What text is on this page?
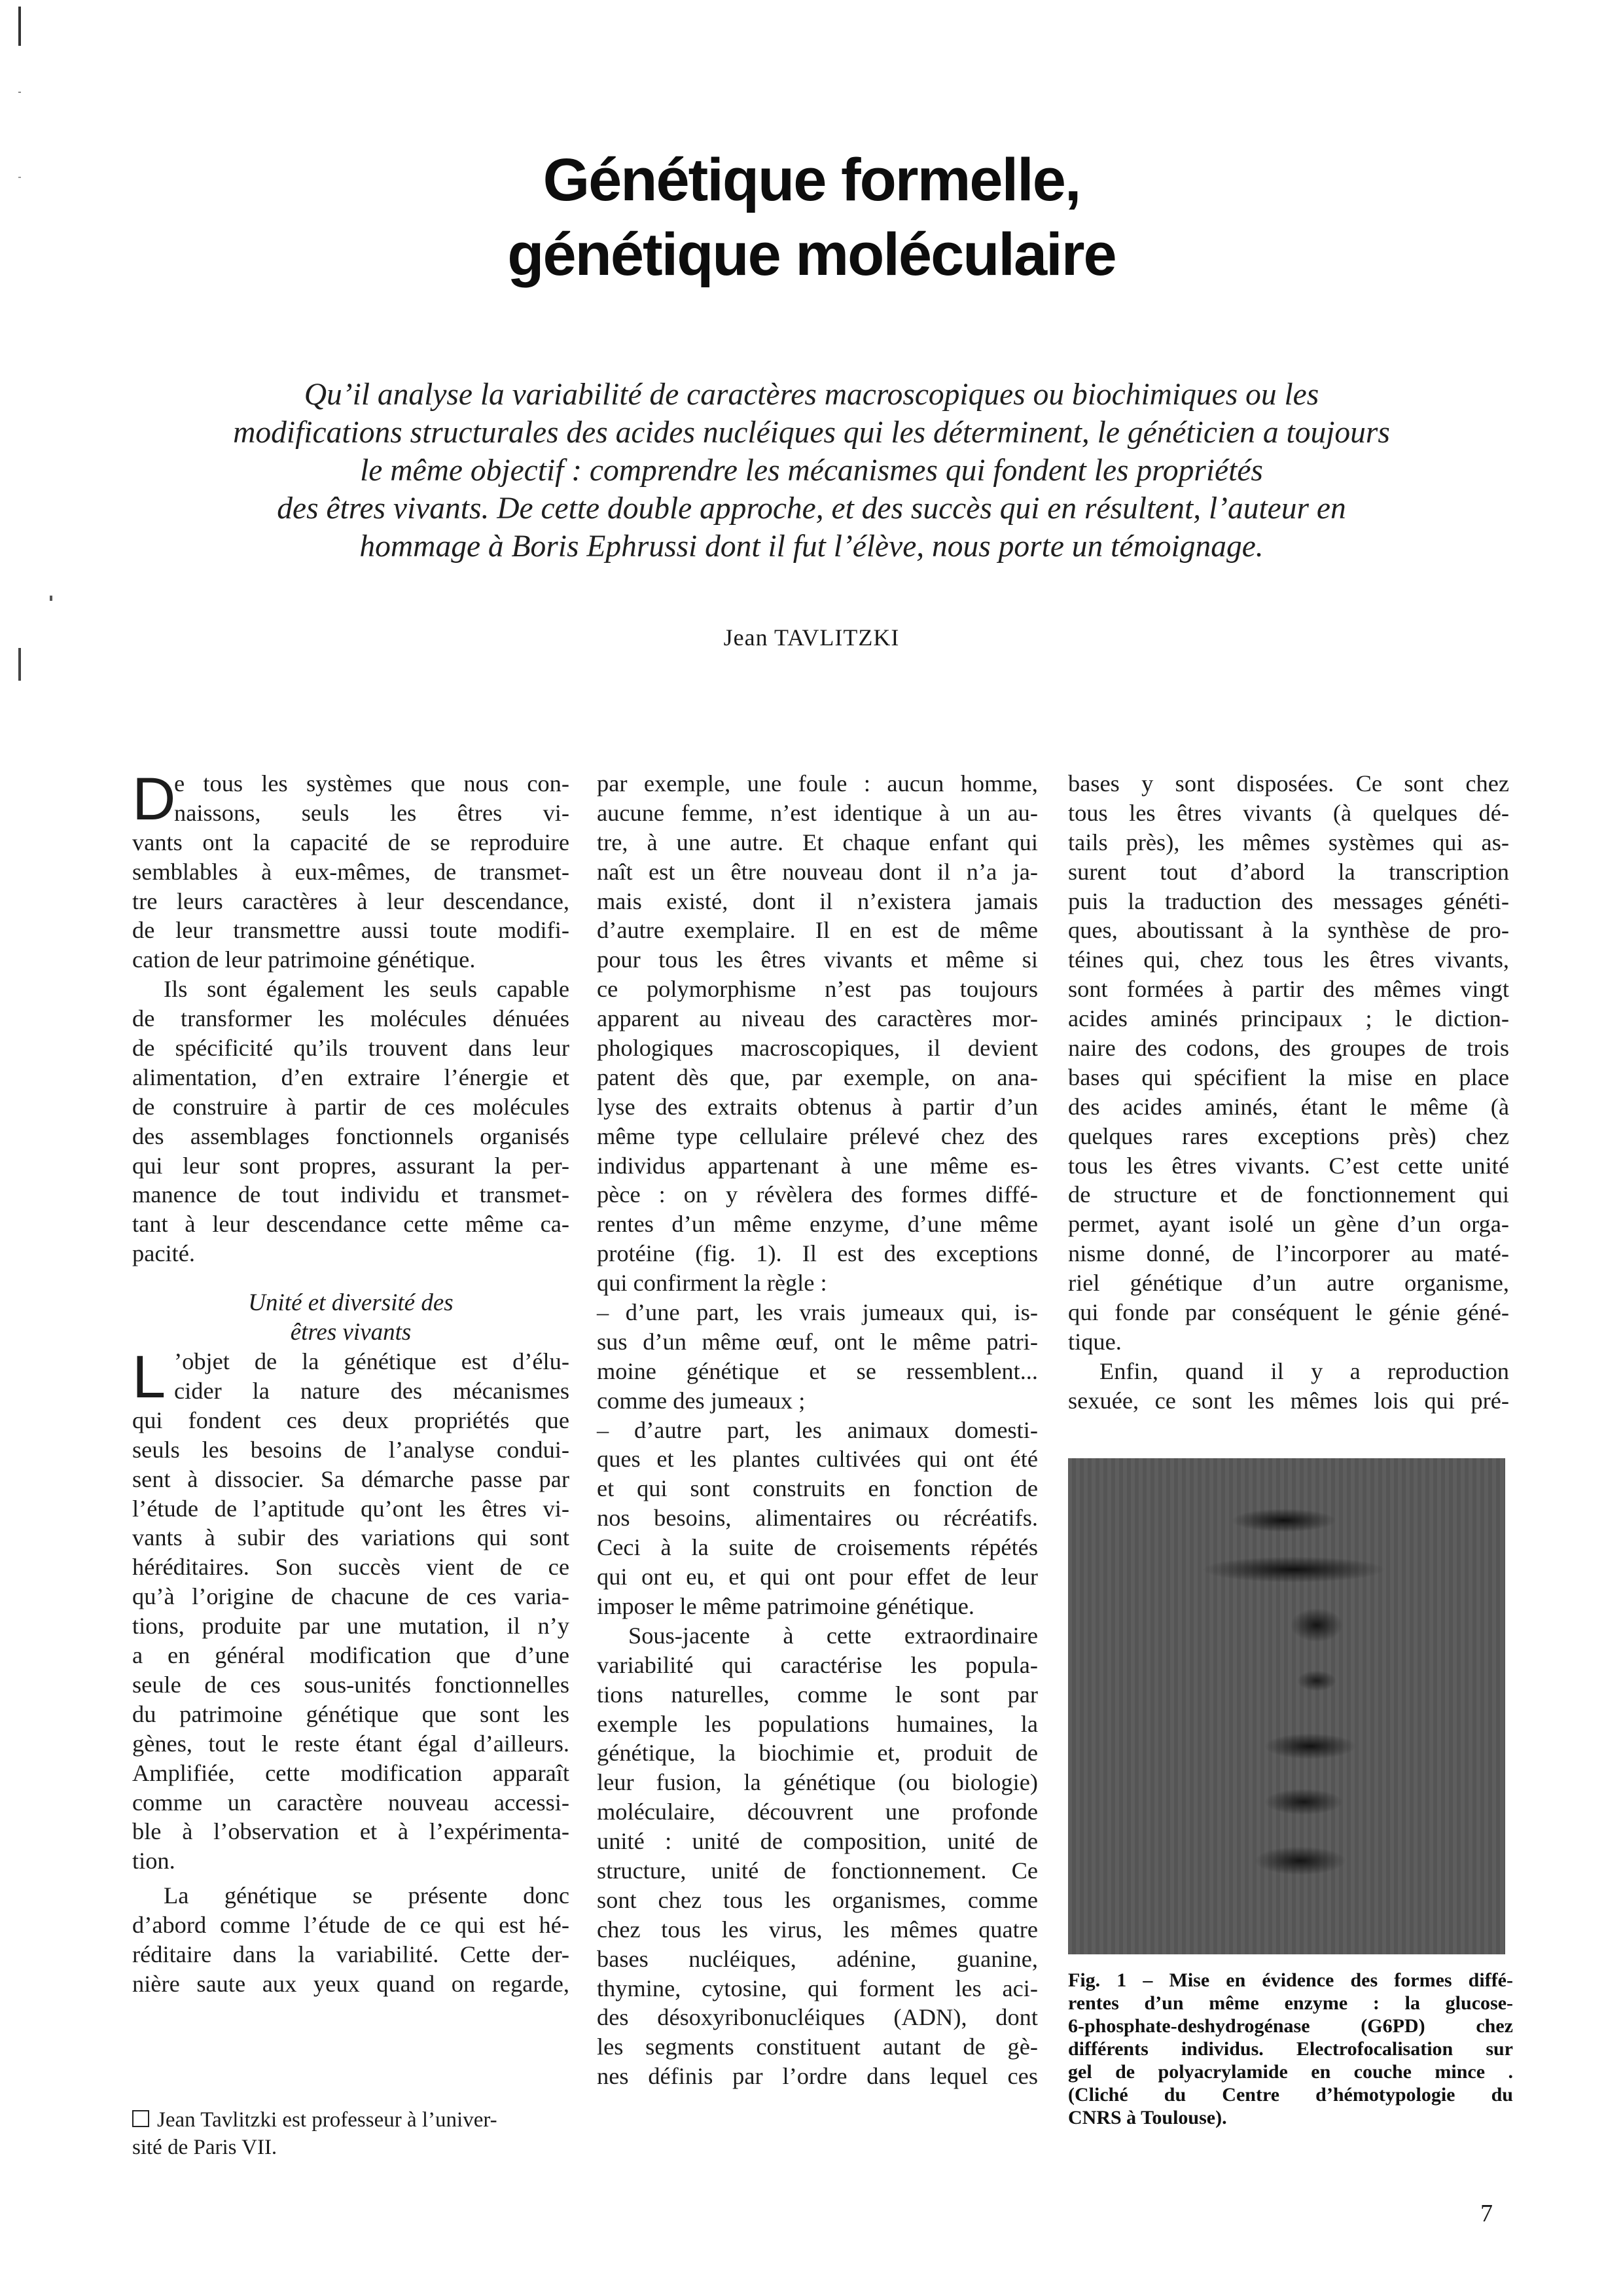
Génétique formelle,
génétique moléculaire
Qu’il analyse la variabilité de caractères macroscopiques ou biochimiques ou les
modifications structurales des acides nucléiques qui les déterminent, le généticien a toujours
le même objectif : comprendre les mécanismes qui fondent les propriétés
des êtres vivants. De cette double approche, et des succès qui en résultent, l’auteur en
hommage à Boris Ephrussi dont il fut l’élève, nous porte un témoignage.

Jean TAVLITZKI

D
e tous les systèmes que nous con-
naissons, seuls les êtres vi-
vants ont la capacité de se reproduire
semblables à eux-mêmes, de transmet-
tre leurs caractères à leur descendance,
de leur transmettre aussi toute modifi-
cation de leur patrimoine génétique.
Ils sont également les seuls capable
de transformer les molécules dénuées
de spécificité qu’ils trouvent dans leur
alimentation, d’en extraire l’énergie et
de construire à partir de ces molécules
des assemblages fonctionnels organisés
qui leur sont propres, assurant la per-
manence de tout individu et transmet-
tant à leur descendance cette même ca-
pacité.
Unité et diversité des
êtres vivants
L ’objet de la génétique est d’élu-
cider la nature des mécanismes
qui fondent ces deux propriétés que
seuls les besoins de l’analyse condui-
sent à dissocier. Sa démarche passe par
l’étude de l’aptitude qu’ont les êtres vi-
vants à subir des variations qui sont
héréditaires. Son succès vient de ce
qu’à l’origine de chacune de ces varia-
tions, produite par une mutation, il n’y
a en général modification que d’une
seule de ces sous-unités fonctionnelles
du patrimoine génétique que sont les
gènes, tout le reste étant égal d’ailleurs.
Amplifiée, cette modification apparaît
comme un caractère nouveau accessi-
ble à l’observation et à l’expérimenta-
tion.
La génétique se présente donc
d’abord comme l’étude de ce qui est hé-
réditaire dans la variabilité. Cette der-
nière saute aux yeux quand on regarde,
Jean Tavlitzki est professeur à l’univer-
sité de Paris VII.
par exemple, une foule : aucun homme,
aucune femme, n’est identique à un au-
tre, à une autre. Et chaque enfant qui
naît est un être nouveau dont il n’a ja-
mais existé, dont il n’existera jamais
d’autre exemplaire. Il en est de même
pour tous les êtres vivants et même si
ce polymorphisme n’est pas toujours
apparent au niveau des caractères mor-
phologiques macroscopiques, il devient
patent dès que, par exemple, on ana-
lyse des extraits obtenus à partir d’un
même type cellulaire prélevé chez des
individus appartenant à une même es-
pèce : on y révèlera des formes diffé-
rentes d’un même enzyme, d’une même
protéine (fig. 1). Il est des exceptions
qui confirment la règle :
– d’une part, les vrais jumeaux qui, is-
sus d’un même œuf, ont le même patri-
moine génétique et se ressemblent...
comme des jumeaux ;
– d’autre part, les animaux domesti-
ques et les plantes cultivées qui ont été
et qui sont construits en fonction de
nos besoins, alimentaires ou récréatifs.
Ceci à la suite de croisements répétés
qui ont eu, et qui ont pour effet de leur
imposer le même patrimoine génétique.
Sous-jacente à cette extraordinaire
variabilité qui caractérise les popula-
tions naturelles, comme le sont par
exemple les populations humaines, la
génétique, la biochimie et, produit de
leur fusion, la génétique (ou biologie)
moléculaire, découvrent une profonde
unité : unité de composition, unité de
structure, unité de fonctionnement. Ce
sont chez tous les organismes, comme
chez tous les virus, les mêmes quatre
bases nucléiques, adénine, guanine,
thymine, cytosine, qui forment les aci-
des désoxyribonucléiques (ADN), dont
les segments constituent autant de gè-
nes définis par l’ordre dans lequel ces
bases y sont disposées. Ce sont chez
tous les êtres vivants (à quelques dé-
tails près), les mêmes systèmes qui as-
surent tout d’abord la transcription
puis la traduction des messages généti-
ques, aboutissant à la synthèse de pro-
téines qui, chez tous les êtres vivants,
sont formées à partir des mêmes vingt
acides aminés principaux ; le diction-
naire des codons, des groupes de trois
bases qui spécifient la mise en place
des acides aminés, étant le même (à
quelques rares exceptions près) chez
tous les êtres vivants. C’est cette unité
de structure et de fonctionnement qui
permet, ayant isolé un gène d’un orga-
nisme donné, de l’incorporer au maté-
riel génétique d’un autre organisme,
qui fonde par conséquent le génie géné-
tique.
Enfin, quand il y a reproduction
sexuée, ce sont les mêmes lois qui pré-
Fig. 1 – Mise en évidence des formes diffé-
rentes d’un même enzyme : la glucose-
6-phosphate-deshydrogénase (G6PD) chez
différents individus. Electrofocalisation sur
gel de polyacrylamide en couche mince .
(Cliché du Centre d’hémotypologie du
CNRS à Toulouse).

7
